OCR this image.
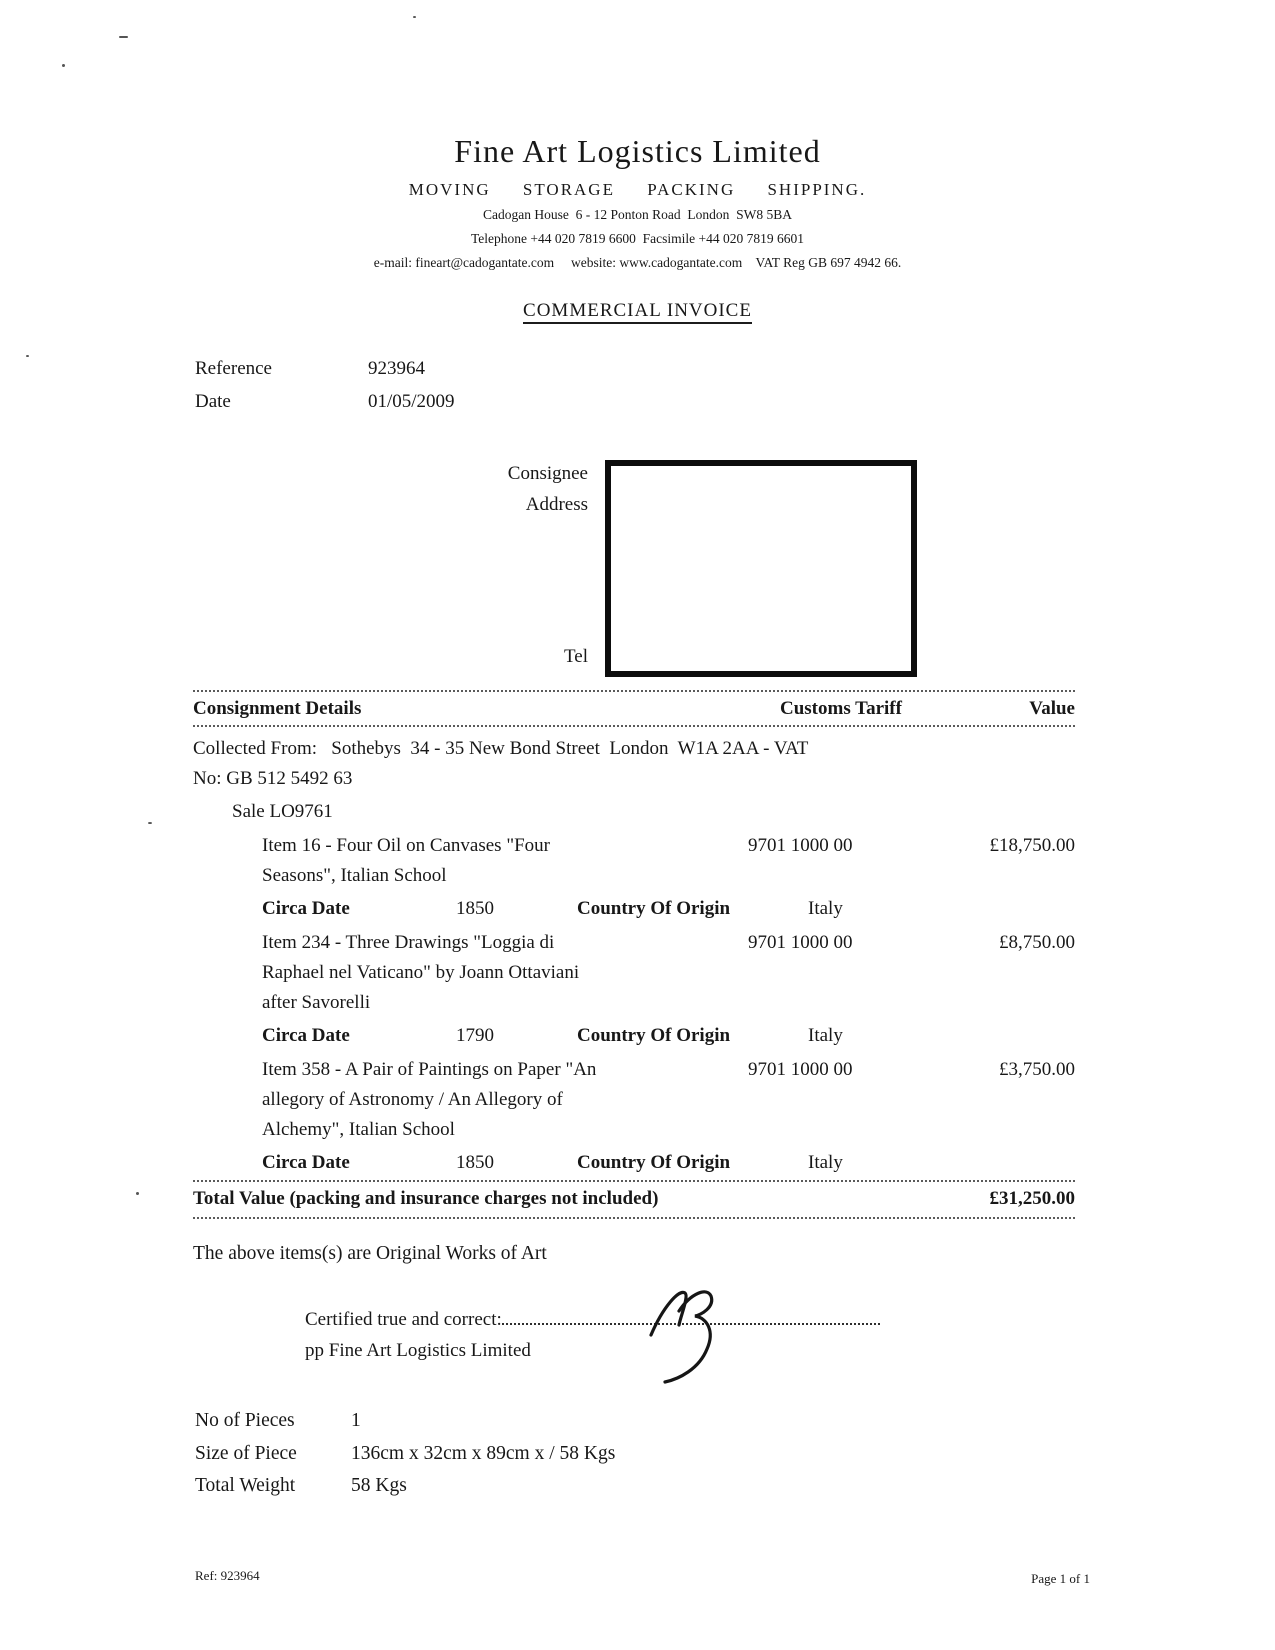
Fine Art Logistics Limited
MOVING STORAGE PACKING SHIPPING.
Cadogan House  6 - 12 Ponton Road  London  SW8 5BA
Telephone +44 020 7819 6600  Facsimile +44 020 7819 6601
e-mail: fineart@cadogantate.com     website: www.cadogantate.com    VAT Reg GB 697 4942 66.
COMMERCIAL INVOICE
Reference	923964
Date	01/05/2009
Consignee
Address
Tel
Consignment Details	Customs Tariff	Value
Collected From:   Sothebys  34 - 35 New Bond Street  London  W1A 2AA - VAT
No: GB 512 5492 63
Sale LO9761
Item 16 - Four Oil on Canvases "Four
Seasons", Italian School
9701 1000 00	£18,750.00
Circa Date	1850	Country Of Origin	Italy
Item 234 - Three Drawings "Loggia di
Raphael nel Vaticano" by Joann Ottaviani
after Savorelli
9701 1000 00	£8,750.00
Circa Date	1790	Country Of Origin	Italy
Item 358 - A Pair of Paintings on Paper "An
allegory of Astronomy / An Allegory of
Alchemy", Italian School
9701 1000 00	£3,750.00
Circa Date	1850	Country Of Origin	Italy
Total Value (packing and insurance charges not included)	£31,250.00
The above items(s) are Original Works of Art
Certified true and correct:
pp Fine Art Logistics Limited
No of Pieces	1
Size of Piece	136cm x 32cm x 89cm x / 58 Kgs
Total Weight	58 Kgs
Ref: 923964	Page 1 of 1
